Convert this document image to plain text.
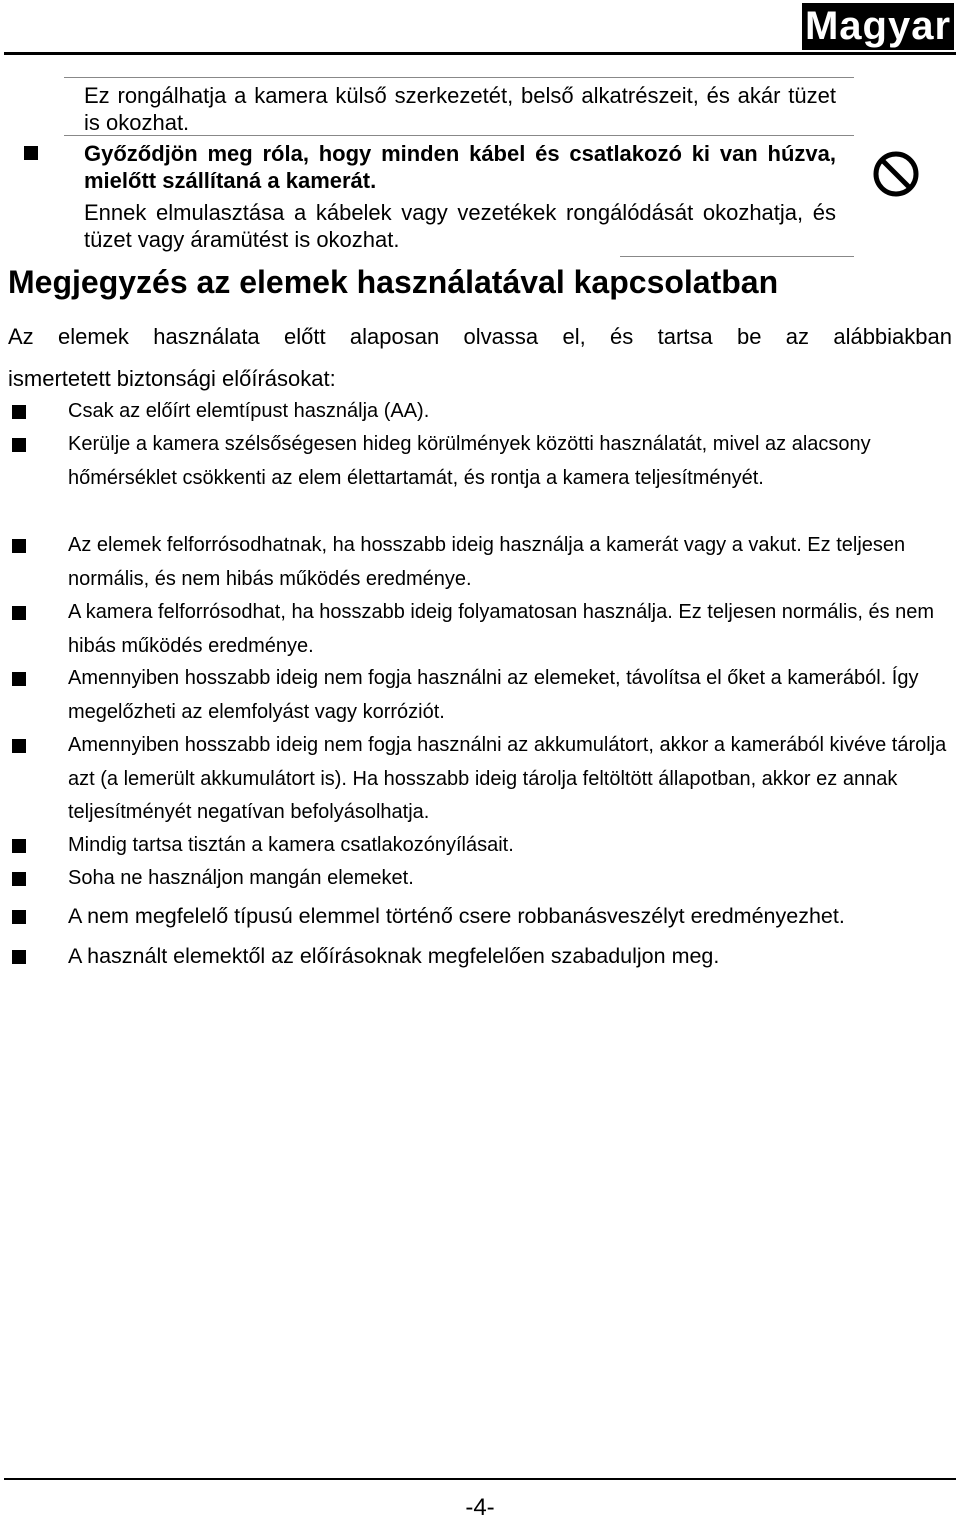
Magyar
Ez rongálhatja a kamera külső szerkezetét, belső alkatrészeit, és akár tüzet is okozhat.
Győződjön meg róla, hogy minden kábel és csatlakozó ki van húzva, mielőtt szállítaná a kamerát.
Ennek elmulasztása a kábelek vagy vezetékek rongálódását okozhatja, és tüzet vagy áramütést is okozhat.
Megjegyzés az elemek használatával kapcsolatban
Az elemek használata előtt alaposan olvassa el, és tartsa be az alábbiakban
ismertetett biztonsági előírásokat:
Csak az előírt elemtípust használja (AA).
Kerülje a kamera szélsőségesen hideg körülmények közötti használatát, mivel az alacsony hőmérséklet csökkenti az elem élettartamát, és rontja a kamera teljesítményét.
Az elemek felforrósodhatnak, ha hosszabb ideig használja a kamerát vagy a vakut. Ez teljesen normális, és nem hibás működés eredménye.
A kamera felforrósodhat, ha hosszabb ideig folyamatosan használja. Ez teljesen normális, és nem hibás működés eredménye.
Amennyiben hosszabb ideig nem fogja használni az elemeket, távolítsa el őket a kamerából. Így megelőzheti az elemfolyást vagy korróziót.
Amennyiben hosszabb ideig nem fogja használni az akkumulátort, akkor a kamerából kivéve tárolja azt (a lemerült akkumulátort is). Ha hosszabb ideig tárolja feltöltött állapotban, akkor ez annak teljesítményét negatívan befolyásolhatja.
Mindig tartsa tisztán a kamera csatlakozónyílásait.
Soha ne használjon mangán elemeket.
A nem megfelelő típusú elemmel történő csere robbanásveszélyt eredményezhet.
A használt elemektől az előírásoknak megfelelően szabaduljon meg.
-4-
